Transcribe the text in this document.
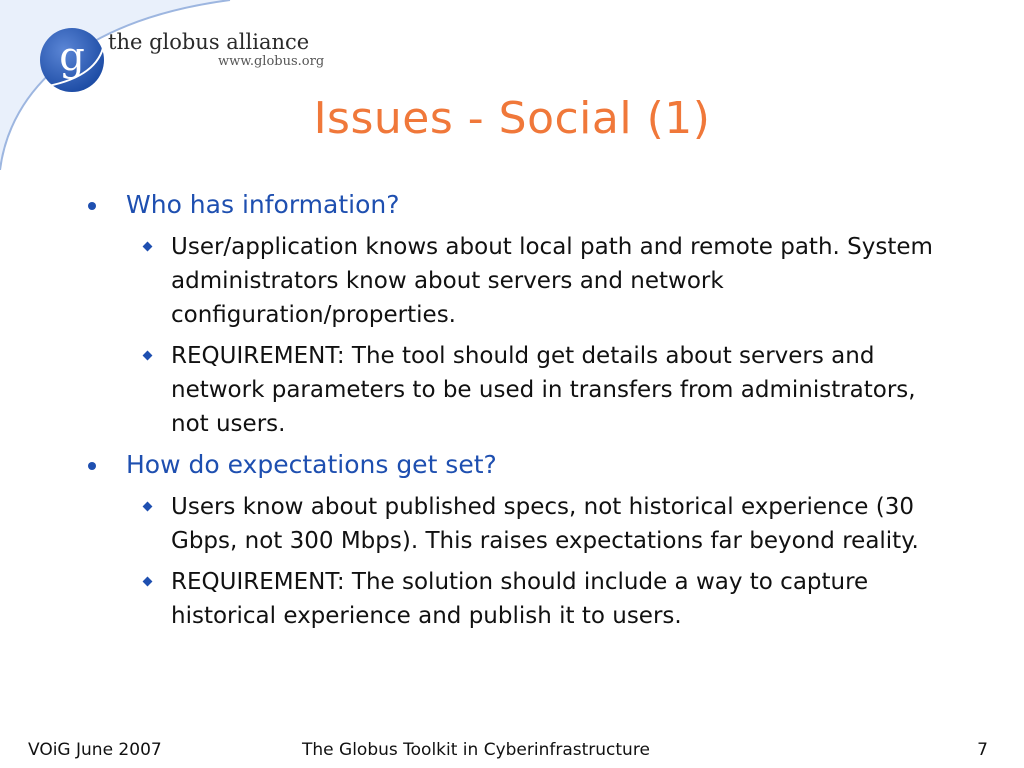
g the globus alliance
www.globus.org
Issues - Social (1)
Who has information?
User/application knows about local path and remote path. System administrators know about servers and network configuration/properties.
REQUIREMENT: The tool should get details about servers and network parameters to be used in transfers from administrators, not users.
How do expectations get set?
Users know about published specs, not historical experience (30 Gbps, not 300 Mbps). This raises expectations far beyond reality.
REQUIREMENT: The solution should include a way to capture historical experience and publish it to users.
VOiG June 2007	The Globus Toolkit in Cyberinfrastructure	7
